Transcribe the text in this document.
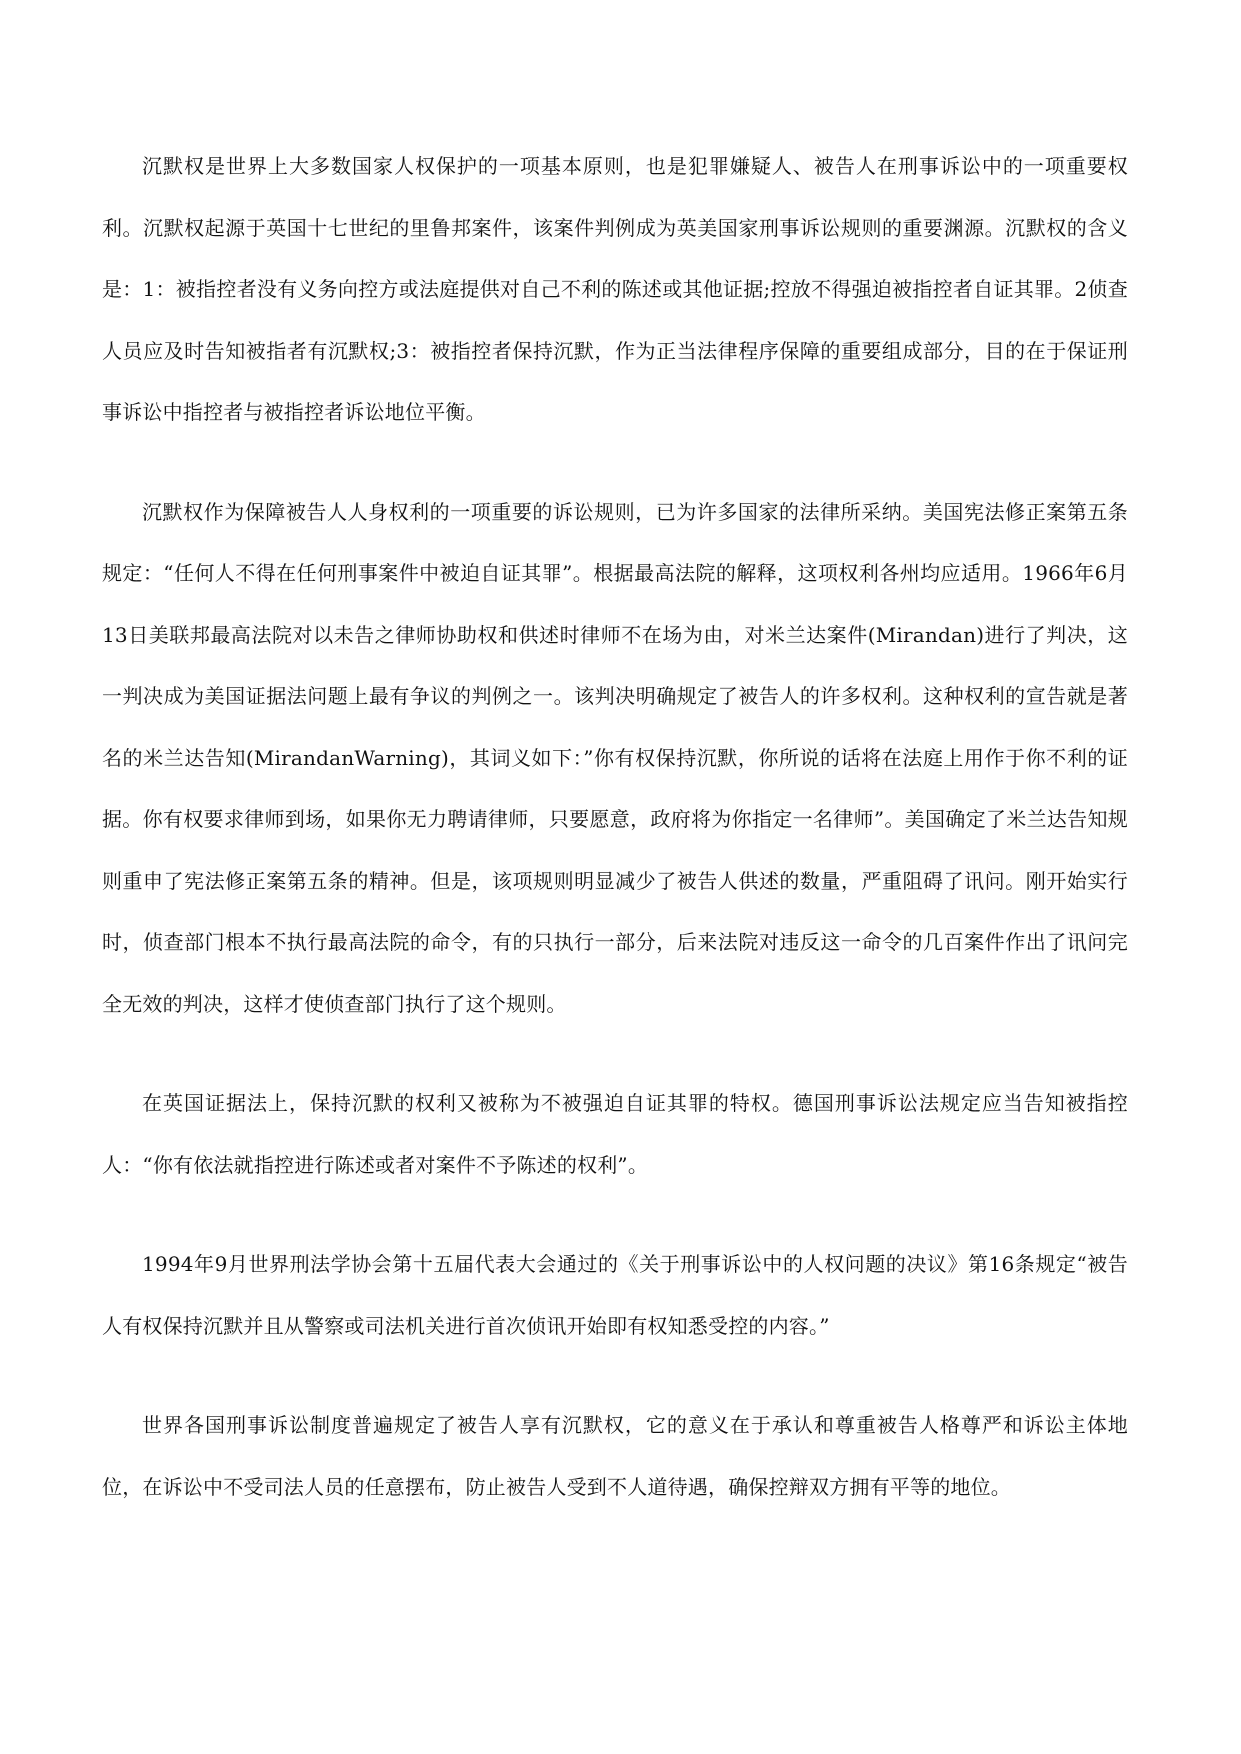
沉默权是世界上大多数国家人权保护的一项基本原则，也是犯罪嫌疑人、被告人在刑事诉讼中的一项重要权利。沉默权起源于英国十七世纪的里鲁邦案件，该案件判例成为英美国家刑事诉讼规则的重要渊源。沉默权的含义是：1：被指控者没有义务向控方或法庭提供对自己不利的陈述或其他证据;控放不得强迫被指控者自证其罪。2侦查人员应及时告知被指者有沉默权;3：被指控者保持沉默，作为正当法律程序保障的重要组成部分，目的在于保证刑事诉讼中指控者与被指控者诉讼地位平衡。

沉默权作为保障被告人人身权利的一项重要的诉讼规则，已为许多国家的法律所采纳。美国宪法修正案第五条规定：“任何人不得在任何刑事案件中被迫自证其罪”。根据最高法院的解释，这项权利各州均应适用。1966年6月13日美联邦最高法院对以未告之律师协助权和供述时律师不在场为由，对米兰达案件(Mirandan)进行了判决，这一判决成为美国证据法问题上最有争议的判例之一。该判决明确规定了被告人的许多权利。这种权利的宣告就是著名的米兰达告知(MirandanWarning)，其词义如下：”你有权保持沉默，你所说的话将在法庭上用作于你不利的证据。你有权要求律师到场，如果你无力聘请律师，只要愿意，政府将为你指定一名律师”。美国确定了米兰达告知规则重申了宪法修正案第五条的精神。但是，该项规则明显减少了被告人供述的数量，严重阻碍了讯问。刚开始实行时，侦查部门根本不执行最高法院的命令，有的只执行一部分，后来法院对违反这一命令的几百案件作出了讯问完全无效的判决，这样才使侦查部门执行了这个规则。

在英国证据法上，保持沉默的权利又被称为不被强迫自证其罪的特权。德国刑事诉讼法规定应当告知被指控人：“你有依法就指控进行陈述或者对案件不予陈述的权利”。

1994年9月世界刑法学协会第十五届代表大会通过的《关于刑事诉讼中的人权问题的决议》第16条规定“被告人有权保持沉默并且从警察或司法机关进行首次侦讯开始即有权知悉受控的内容。”

世界各国刑事诉讼制度普遍规定了被告人享有沉默权，它的意义在于承认和尊重被告人格尊严和诉讼主体地位，在诉讼中不受司法人员的任意摆布，防止被告人受到不人道待遇，确保控辩双方拥有平等的地位。
